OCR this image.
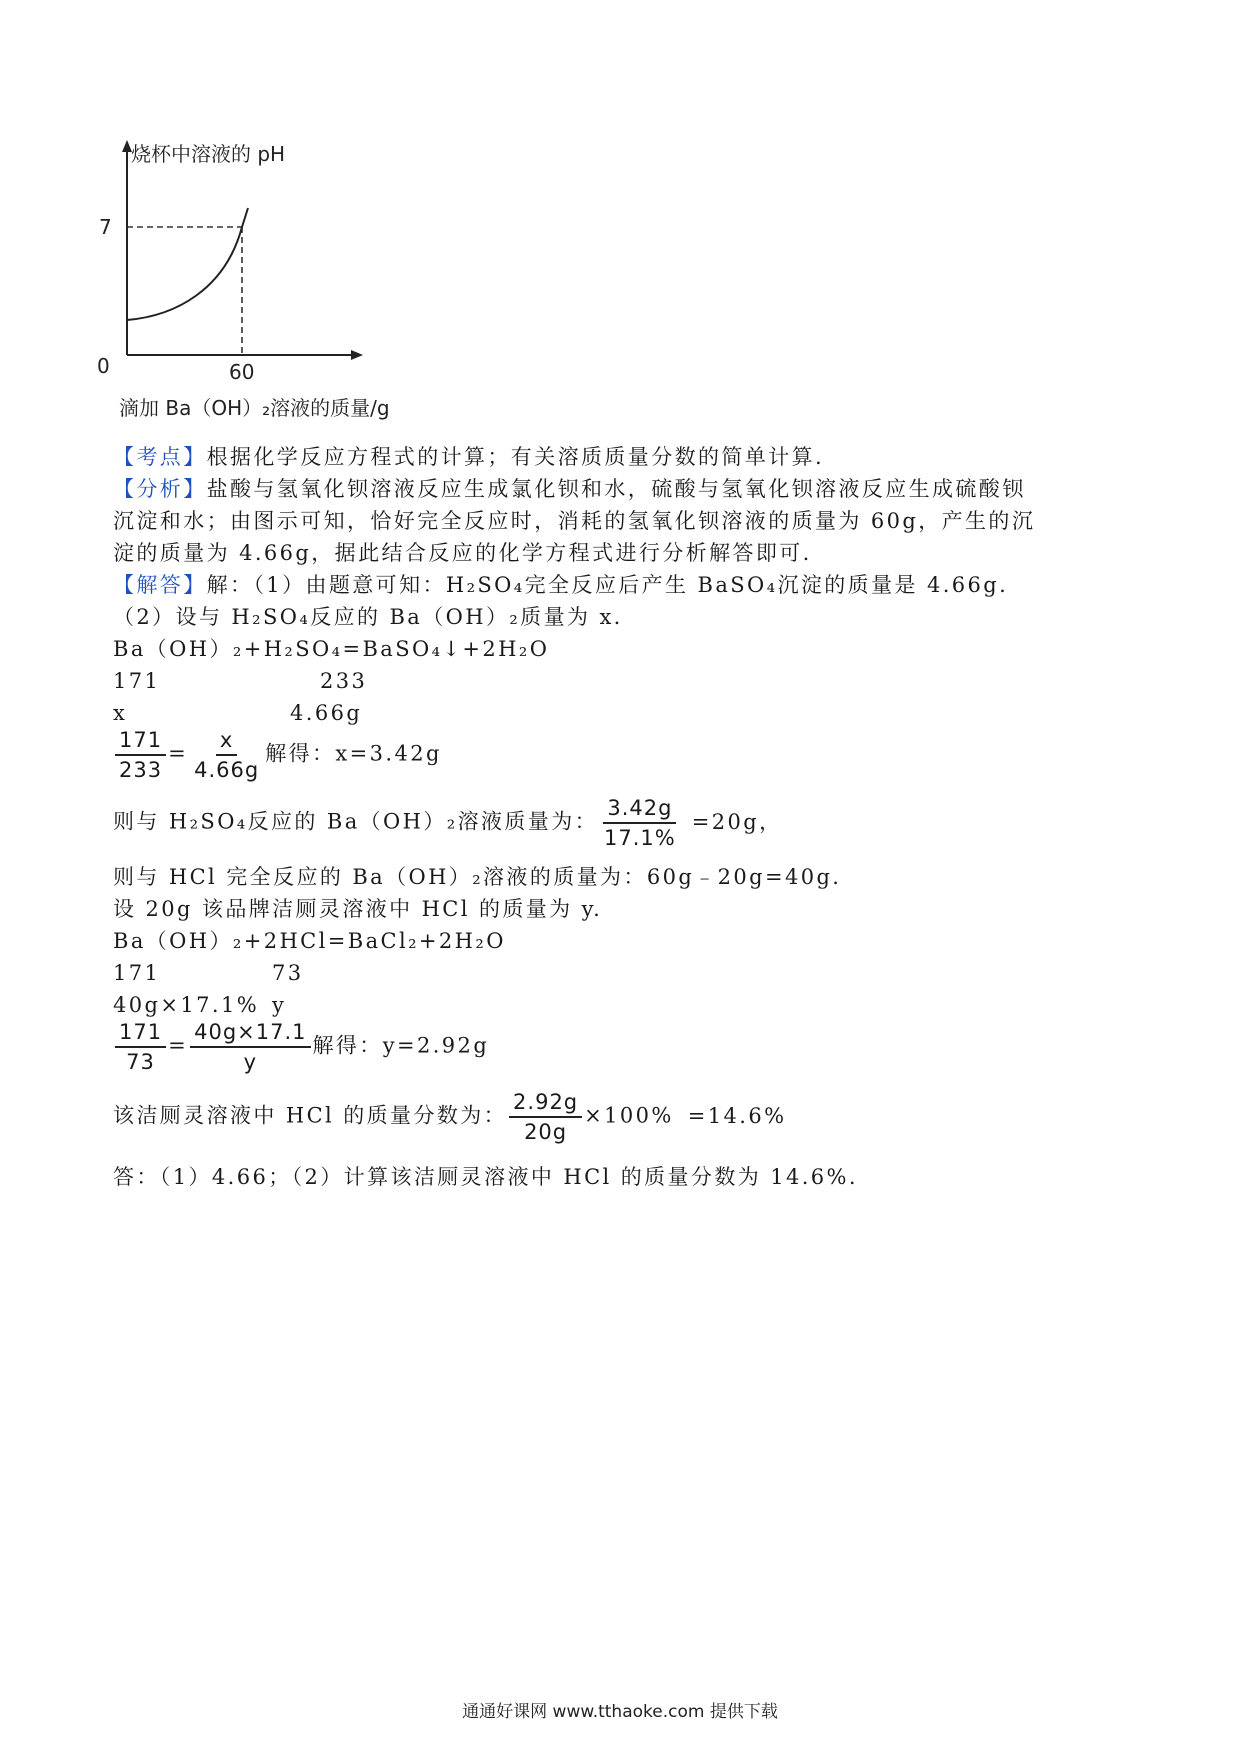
烧杯中溶液的 pH
7
0	60
滴加 Ba（OH）₂溶液的质量/g
【考点】根据化学反应方程式的计算；有关溶质质量分数的简单计算.
【分析】盐酸与氢氧化钡溶液反应生成氯化钡和水，硫酸与氢氧化钡溶液反应生成硫酸钡
沉淀和水；由图示可知，恰好完全反应时，消耗的氢氧化钡溶液的质量为 60g，产生的沉
淀的质量为 4.66g，据此结合反应的化学方程式进行分析解答即可.
【解答】解：（1）由题意可知：H₂SO₄完全反应后产生 BaSO₄沉淀的质量是 4.66g.
（2）设与 H₂SO₄反应的 Ba（OH）₂质量为 x.
Ba（OH）₂+H₂SO₄=BaSO₄↓+2H₂O
171	233
x	4.66g
$\frac{171}{233} = \frac{x}{4.66g}$ 解得：x=3.42g
则与 H₂SO₄反应的 Ba（OH）₂溶液质量为： $\frac{3.42g}{17.1\%} =20g$，
则与 HCl 完全反应的 Ba（OH）₂溶液的质量为：60g﹣20g=40g.
设 20g 该品牌洁厕灵溶液中 HCl 的质量为 y.
Ba（OH）₂+2HCl=BaCl₂+2H₂O
171	73
40g×17.1% y
$\frac{171}{73} = \frac{40g\times 17.1}{y}$ 解得：y=2.92g
该洁厕灵溶液中 HCl 的质量分数为： $\frac{2.92g}{20g} \times 100\% =14.6\%$
答：（1）4.66；（2）计算该洁厕灵溶液中 HCl 的质量分数为 14.6%.
通通好课网 www.tthaoke.com 提供下载
